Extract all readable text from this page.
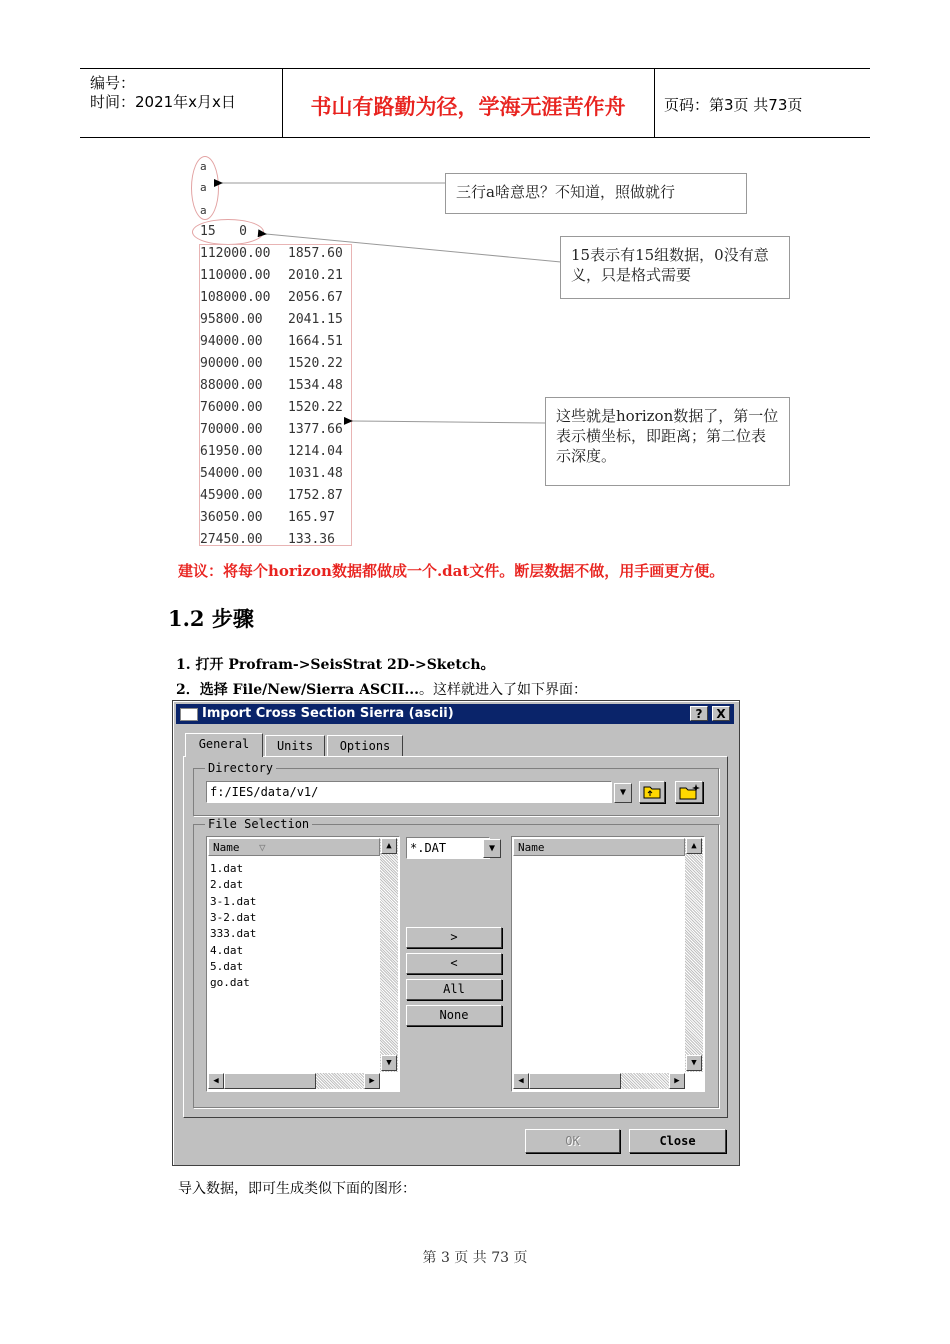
编号：
时间：2021年x月x日	书山有路勤为径，学海无涯苦作舟	页码：第3页 共73页
a
a
a
15   0
112000.00 1857.60
110000.00 2010.21
108000.00 2056.67
95800.00 2041.15
94000.00 1664.51
90000.00 1520.22
88000.00 1534.48
76000.00 1520.22
70000.00 1377.66
61950.00 1214.04
54000.00 1031.48
45900.00 1752.87
36050.00 165.97
27450.00 133.36
三行a啥意思？不知道，照做就行
15表示有15组数据，0没有意义，只是格式需要
这些就是horizon数据了，第一位表示横坐标，即距离；第二位表示深度。
建议：将每个horizon数据都做成一个.dat文件。断层数据不做，用手画更方便。
1.2 步骤
1. 打开 Profram->SeisStrat 2D->Sketch。
2．选择 File/New/Sierra ASCII...。这样就进入了如下界面：
Import Cross Section Sierra (ascii)	?	X
General	Units	Options
Directory
f:/IES/data/v1/	▼
File Selection
Name ▽
1.dat
2.dat
3-1.dat
3-2.dat
333.dat
4.dat
5.dat
go.dat
▲
▼
◀	▶
*.DAT	▼
>
<
All
None
Name	▲
▼
◀	▶
OK	Close
导入数据，即可生成类似下面的图形：
第 3 页 共 73 页
